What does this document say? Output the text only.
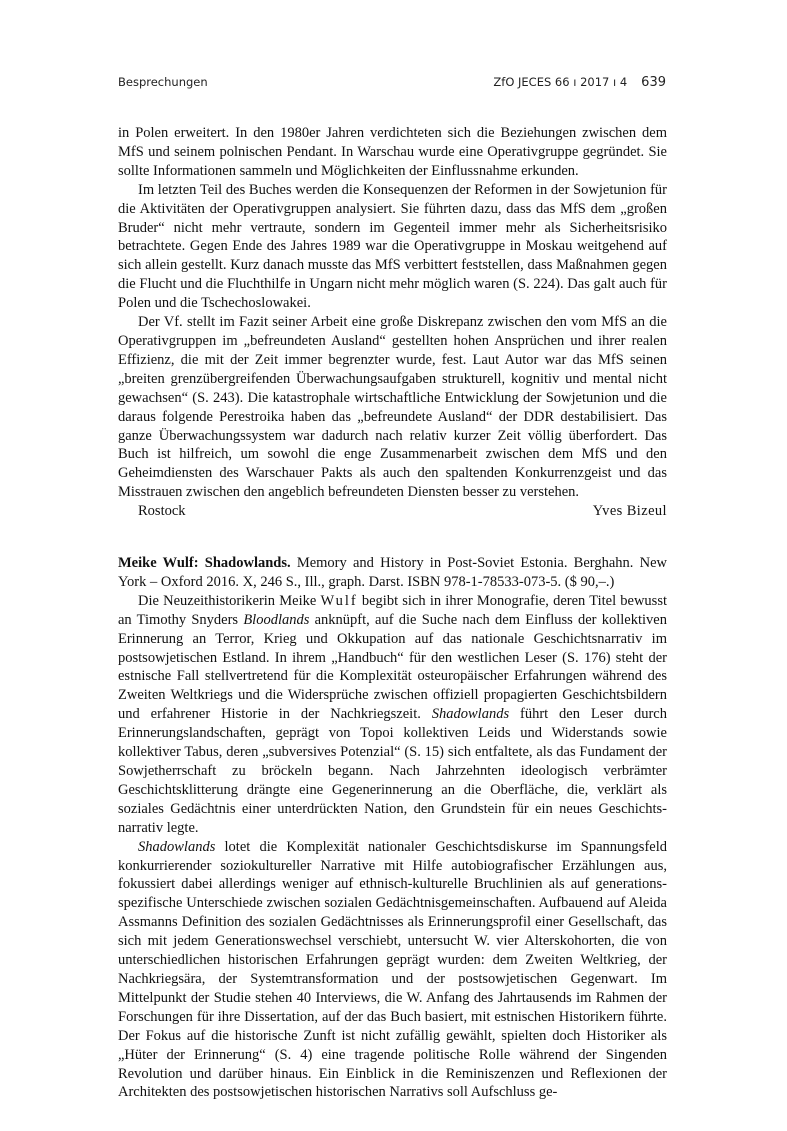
Besprechungen	ZfO JECES 66 ı 2017 ı 4 639

in Polen erweitert. In den 1980er Jahren verdichteten sich die Beziehungen zwischen dem MfS und seinem polnischen Pendant. In Warschau wurde eine Operativgruppe gegründet. Sie sollte Informationen sammeln und Möglichkeiten der Einflussnahme erkunden.

Im letzten Teil des Buches werden die Konsequenzen der Reformen in der Sowjetunion für die Aktivitäten der Operativgruppen analysiert. Sie führten dazu, dass das MfS dem „großen Bruder“ nicht mehr vertraute, sondern im Gegenteil immer mehr als Sicherheitsrisiko betrachtete. Gegen Ende des Jahres 1989 war die Operativgruppe in Moskau weitgehend auf sich allein gestellt. Kurz danach musste das MfS verbittert feststellen, dass Maßnahmen gegen die Flucht und die Fluchthilfe in Ungarn nicht mehr möglich waren (S. 224). Das galt auch für Polen und die Tschechoslowakei.

Der Vf. stellt im Fazit seiner Arbeit eine große Diskrepanz zwischen den vom MfS an die Operativgruppen im „befreundeten Ausland“ gestellten hohen Ansprüchen und ihrer realen Effizienz, die mit der Zeit immer begrenzter wurde, fest. Laut Autor war das MfS seinen „breiten grenzübergreifenden Überwachungsaufgaben strukturell, kognitiv und mental nicht gewachsen“ (S. 243). Die katastrophale wirtschaftliche Entwicklung der Sowjetunion und die daraus folgende Perestroika haben das „befreundete Ausland“ der DDR destabilisiert. Das ganze Überwachungssystem war dadurch nach relativ kurzer Zeit völlig überfordert. Das Buch ist hilfreich, um sowohl die enge Zusammenarbeit zwischen dem MfS und den Geheimdiensten des Warschauer Pakts als auch den spaltenden Konkurrenzgeist und das Misstrauen zwischen den angeblich befreundeten Diensten besser zu verstehen.

Rostock	Yves Bizeul

Meike Wulf: Shadowlands. Memory and History in Post-Soviet Estonia. Berghahn. New York – Oxford 2016. X, 246 S., Ill., graph. Darst. ISBN 978-1-78533-073-5. ($ 90,–.)

Die Neuzeithistorikerin Meike Wulf begibt sich in ihrer Monografie, deren Titel bewusst an Timothy Snyders Bloodlands anknüpft, auf die Suche nach dem Einfluss der kollektiven Erinnerung an Terror, Krieg und Okkupation auf das nationale Geschichtsnarrativ im postsowjetischen Estland. In ihrem „Handbuch“ für den westlichen Leser (S. 176) steht der estnische Fall stellvertretend für die Komplexität osteuropäischer Erfahrungen während des Zweiten Weltkriegs und die Widersprüche zwischen offiziell propagierten Geschichtsbildern und erfahrener Historie in der Nachkriegszeit. Shadowlands führt den Leser durch Erinnerungslandschaften, geprägt von Topoi kollektiven Leids und Widerstands sowie kollektiver Tabus, deren „subversives Potenzial“ (S. 15) sich entfaltete, als das Fundament der Sowjetherrschaft zu bröckeln begann. Nach Jahrzehnten ideologisch verbrämter Geschichtsklitterung drängte eine Gegenerinnerung an die Oberfläche, die, verklärt als soziales Gedächtnis einer unterdrückten Nation, den Grundstein für ein neues Geschichtsnarrativ legte.

Shadowlands lotet die Komplexität nationaler Geschichtsdiskurse im Spannungsfeld konkurrierender soziokultureller Narrative mit Hilfe autobiografischer Erzählungen aus, fokussiert dabei allerdings weniger auf ethnisch-kulturelle Bruchlinien als auf generationsspezifische Unterschiede zwischen sozialen Gedächtnisgemeinschaften. Aufbauend auf Aleida Assmanns Definition des sozialen Gedächtnisses als Erinnerungsprofil einer Gesellschaft, das sich mit jedem Generationswechsel verschiebt, untersucht W. vier Alterskohorten, die von unterschiedlichen historischen Erfahrungen geprägt wurden: dem Zweiten Weltkrieg, der Nachkriegsära, der Systemtransformation und der postsowjetischen Gegenwart. Im Mittelpunkt der Studie stehen 40 Interviews, die W. Anfang des Jahrtausends im Rahmen der Forschungen für ihre Dissertation, auf der das Buch basiert, mit estnischen Historikern führte. Der Fokus auf die historische Zunft ist nicht zufällig gewählt, spielten doch Historiker als „Hüter der Erinnerung“ (S. 4) eine tragende politische Rolle während der Singenden Revolution und darüber hinaus. Ein Einblick in die Reminiszenzen und Reflexionen der Architekten des postsowjetischen historischen Narrativs soll Aufschluss ge-
